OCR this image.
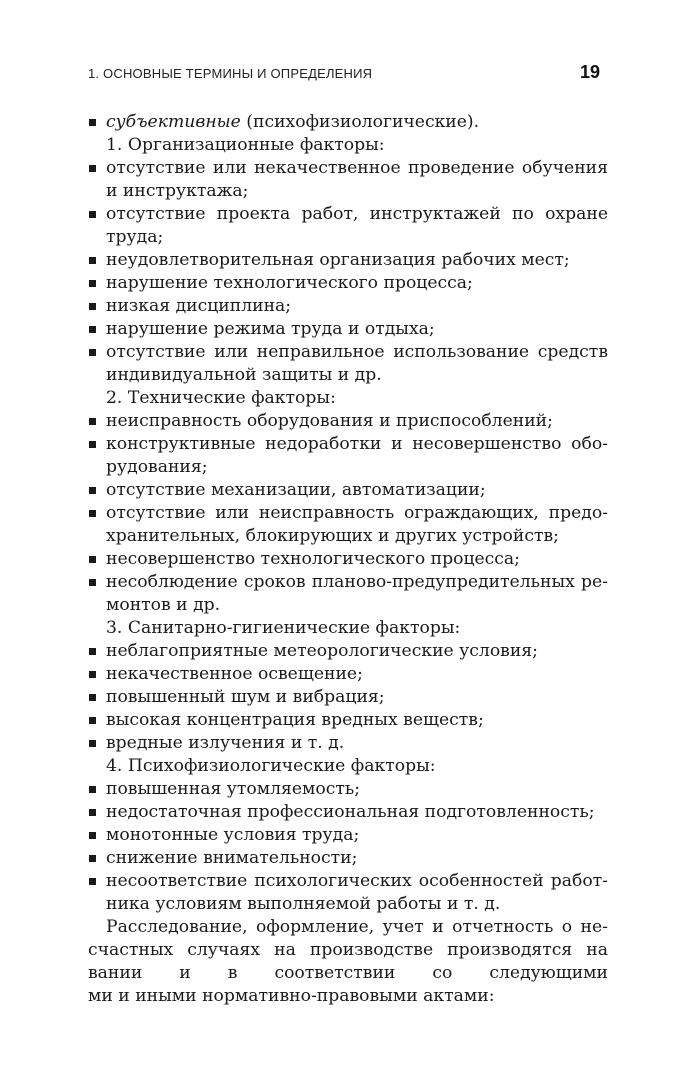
1. ОСНОВНЫЕ ТЕРМИНЫ И ОПРЕДЕЛЕНИЯ	19
субъективные (психофизиологические).
1. Организационные факторы:
отсутствие или некачественное проведение обучения
и инструктажа;
отсутствие проекта работ, инструктажей по охране
труда;
неудовлетворительная организация рабочих мест;
нарушение технологического процесса;
низкая дисциплина;
нарушение режима труда и отдыха;
отсутствие или неправильное использование средств
индивидуальной защиты и др.
2. Технические факторы:
неисправность оборудования и приспособлений;
конструктивные недоработки и несовершенство обо-
рудования;
отсутствие механизации, автоматизации;
отсутствие или неисправность ограждающих, предо-
хранительных, блокирующих и других устройств;
несовершенство технологического процесса;
несоблюдение сроков планово-предупредительных ре-
монтов и др.
3. Санитарно-гигиенические факторы:
неблагоприятные метеорологические условия;
некачественное освещение;
повышенный шум и вибрация;
высокая концентрация вредных веществ;
вредные излучения и т. д.
4. Психофизиологические факторы:
повышенная утомляемость;
недостаточная профессиональная подготовленность;
монотонные условия труда;
снижение внимательности;
несоответствие психологических особенностей работ-
ника условиям выполняемой работы и т. д.
Расследование, оформление, учет и отчетность о не-
счастных случаях на производстве производятся на
вании и в соответствии со следующими
ми и иными нормативно-правовыми актами:
